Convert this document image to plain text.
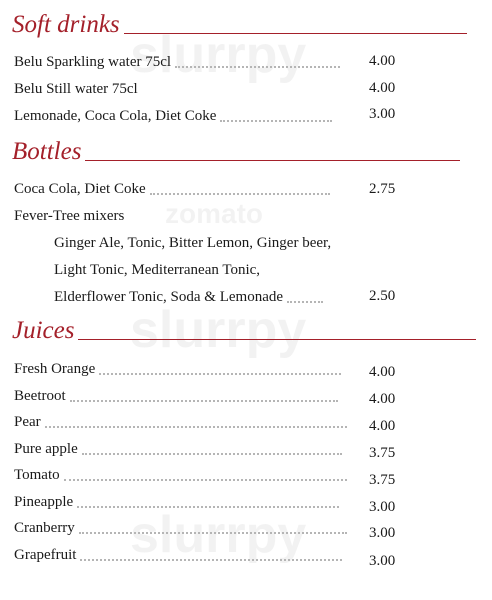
slurrpy
zomato
slurrpy
slurrpy
Soft drinks
Belu Sparkling water 75cl	4.00
Belu Still water 75cl	4.00
Lemonade, Coca Cola, Diet Coke	3.00
Bottles
Coca Cola, Diet Coke	2.75
Fever-Tree mixers
Ginger Ale, Tonic, Bitter Lemon, Ginger beer,
Light Tonic, Mediterranean Tonic,
Elderflower Tonic, Soda & Lemonade	2.50
Juices
Fresh Orange	4.00
Beetroot	4.00
Pear	4.00
Pure apple	3.75
Tomato	3.75
Pineapple	3.00
Cranberry	3.00
Grapefruit	3.00
